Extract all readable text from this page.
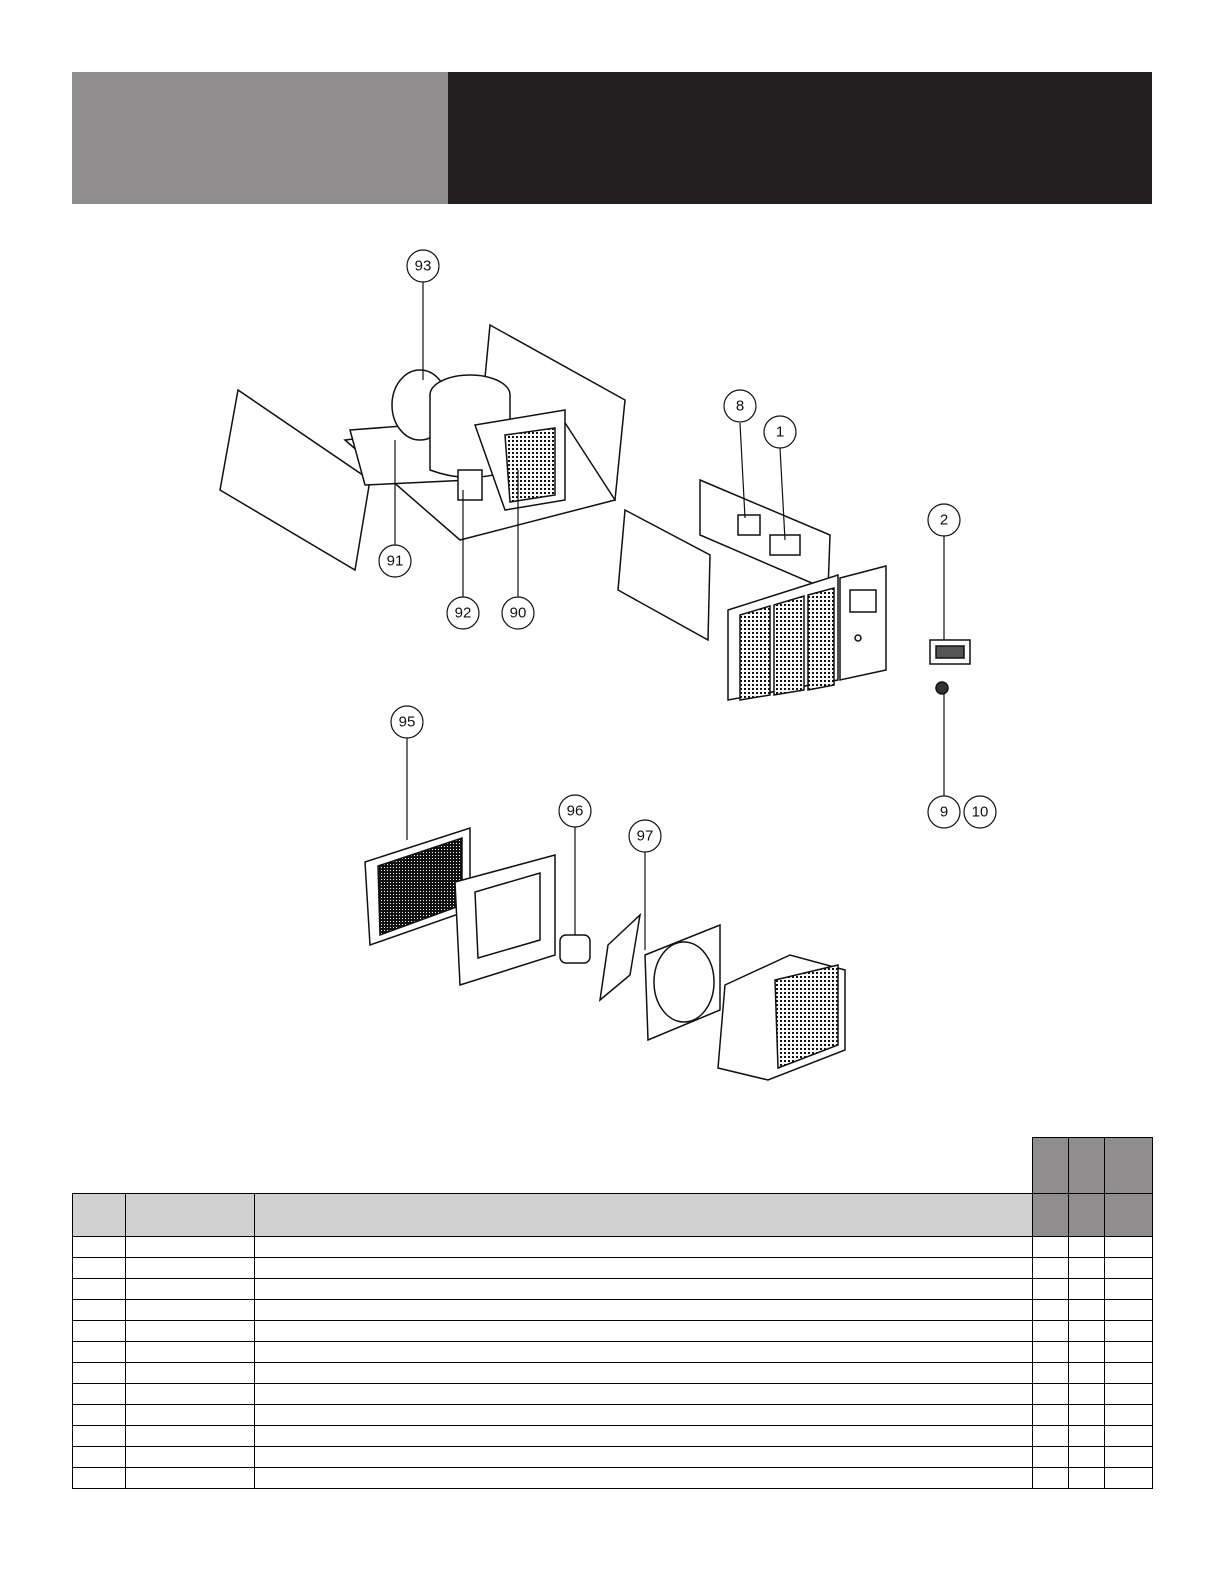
93
8
1
2
91
92	90
95
96
97
9 10
